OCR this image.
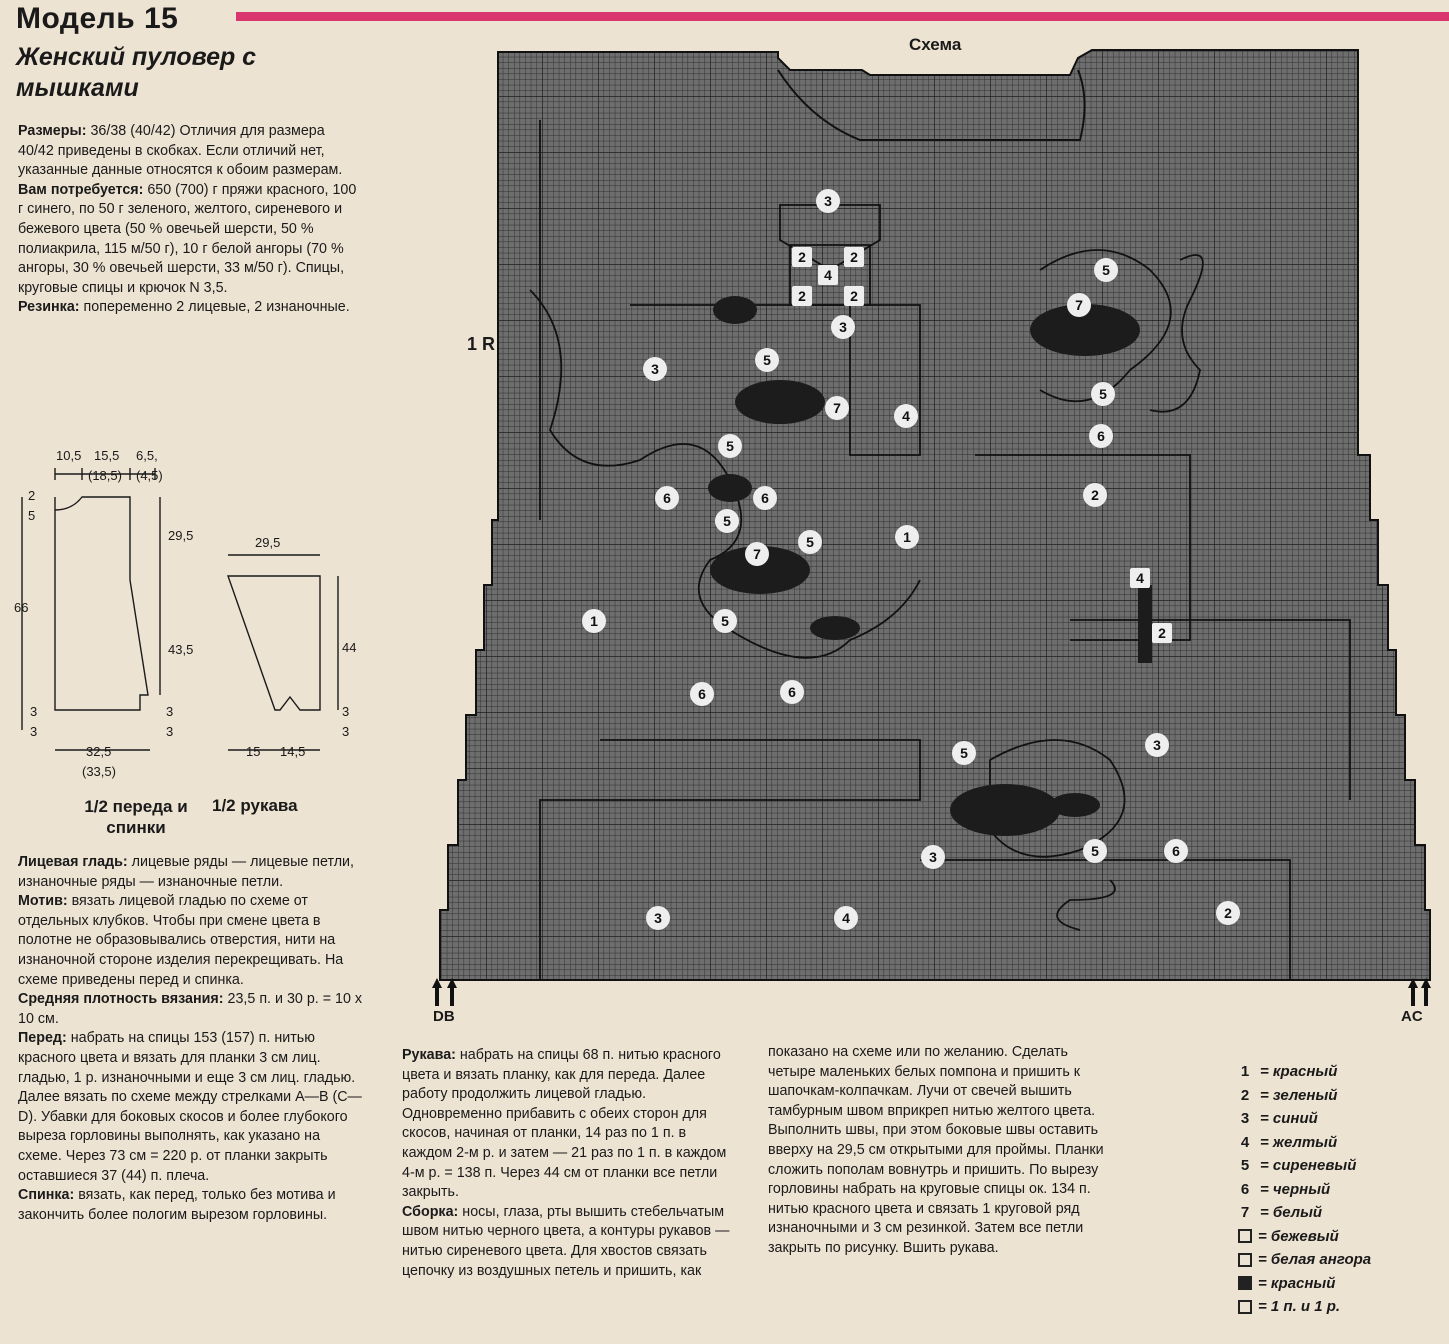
Модель 15
Женский пуловер с мышками
Размеры: 36/38 (40/42) Отличия для размера 40/42 приведены в скобках. Если отличий нет, указанные данные относятся к обоим размерам.
Вам потребуется: 650 (700) г пряжи красного, 100 г синего, по 50 г зеленого, желтого, сиреневого и бежевого цвета (50 % овечьей шерсти, 50 % полиакрила, 115 м/50 г), 10 г белой ангоры (70 % ангоры, 30 % овечьей шерсти, 33 м/50 г). Спицы, круговые спицы и крючок N 3,5.
Резинка: попеременно 2 лицевые, 2 изнаночные.
10,5 15,5 6,5,
(18,5) (4,5)
2
5
66
29,5
43,5
3
3
32,5
(33,5)
29,5
44
3
3
3
3
15 14,5
1/2 переда и спинки
1/2 рукава
Лицевая гладь: лицевые ряды — лицевые петли, изнаночные ряды — изнаночные петли.
Мотив: вязать лицевой гладью по схеме от отдельных клубков. Чтобы при смене цвета в полотне не образовывались отверстия, нити на изнаночной стороне изделия перекрещивать. На схеме приведены перед и спинка.
Средняя плотность вязания: 23,5 п. и 30 р. = 10 x 10 см.
Перед: набрать на спицы 153 (157) п. нитью красного цвета и вязать для планки 3 см лиц. гладью, 1 р. изнаночными и еще 3 см лиц. гладью. Далее вязать по схеме между стрелками A—B (C—D). Убавки для боковых скосов и более глубокого выреза горловины выполнять, как указано на схеме. Через 73 см = 220 р. от планки закрыть оставшиеся 37 (44) п. плеча.
Спинка: вязать, как перед, только без мотива и закончить более пологим вырезом горловины.
Схема
1 R
3
2	2
4
2	2
3
5
7
3
5
5
7	4
6
5
2
6	6
5
1
5
7
4
1	5
2
6	6
5	3
5	6
3
2
3	4
DB	AC
Рукава: набрать на спицы 68 п. нитью красного цвета и вязать планку, как для переда. Далее работу продолжить лицевой гладью. Одновременно прибавить с обеих сторон для скосов, начиная от планки, 14 раз по 1 п. в каждом 2-м р. и затем — 21 раз по 1 п. в каждом 4-м р. = 138 п. Через 44 см от планки все петли закрыть.
Сборка: носы, глаза, рты вышить стебельчатым швом нитью черного цвета, а контуры рукавов — нитью сиреневого цвета. Для хвостов связать цепочку из воздушных петель и пришить, как
показано на схеме или по желанию. Сделать четыре маленьких белых помпона и пришить к шапочкам-колпачкам. Лучи от свечей вышить тамбурным швом вприкреп нитью желтого цвета. Выполнить швы, при этом боковые швы оставить вверху на 29,5 см открытыми для проймы. Планки сложить пополам вовнутрь и пришить. По вырезу горловины набрать на круговые спицы ок. 134 п. нитью красного цвета и связать 1 круговой ряд изнаночными и 3 см резинкой. Затем все петли закрыть по рисунку. Вшить рукава.
1 = красный
2 = зеленый
3 = синий
4 = желтый
5 = сиреневый
6 = черный
7 = белый
= бежевый
= белая ангора
= красный
= 1 п. и 1 р.
